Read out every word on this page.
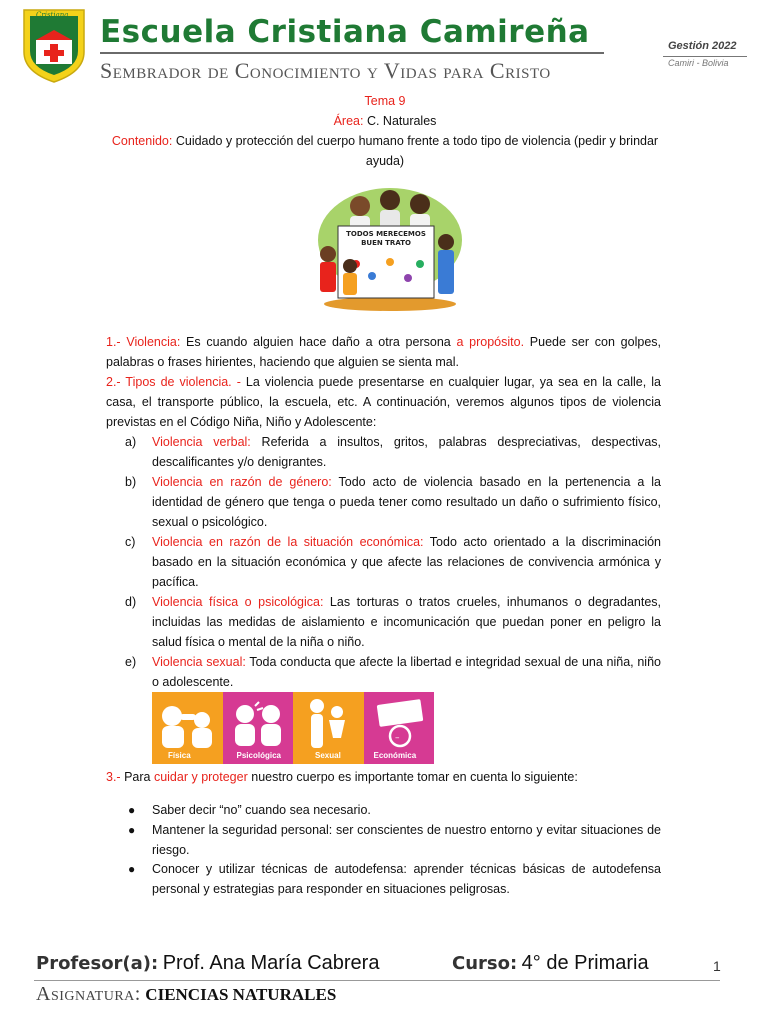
Cristiana Escuela Cristiana Camireña
Sembrador de Conocimiento y Vidas para Cristo
Gestión 2022
Camiri - Bolivia
Tema 9
Área: C. Naturales
Contenido: Cuidado y protección del cuerpo humano frente a todo tipo de violencia (pedir y brindar ayuda)
TODOS MERECEMOS BUEN TRATO
1.- Violencia: Es cuando alguien hace daño a otra persona a propósito. Puede ser con golpes, palabras o frases hirientes, haciendo que alguien se sienta mal.
2.- Tipos de violencia. - La violencia puede presentarse en cualquier lugar, ya sea en la calle, la casa, el transporte público, la escuela, etc. A continuación, veremos algunos tipos de violencia previstas en el Código Niña, Niño y Adolescente:
a)	Violencia verbal: Referida a insultos, gritos, palabras despreciativas, despectivas, descalificantes y/o denigrantes.
b)	Violencia en razón de género: Todo acto de violencia basado en la pertenencia a la identidad de género que tenga o pueda tener como resultado un daño o sufrimiento físico, sexual o psicológico.
c)	Violencia en razón de la situación económica: Todo acto orientado a la discriminación basado en la situación económica y que afecte las relaciones de convivencia armónica y pacífica.
d)	Violencia física o psicológica: Las torturas o tratos crueles, inhumanos o degradantes, incluidas las medidas de aislamiento e incomunicación que puedan poner en peligro la salud física o mental de la niña o niño.
e)	Violencia sexual: Toda conducta que afecte la libertad e integridad sexual de una niña, niño o adolescente.
Física	Psicológica	Sexual
–
Económica
3.- Para cuidar y proteger nuestro cuerpo es importante tomar en cuenta lo siguiente:
●	Saber decir “no” cuando sea necesario.
●	Mantener la seguridad personal: ser conscientes de nuestro entorno y evitar situaciones de riesgo.
●	Conocer y utilizar técnicas de autodefensa: aprender técnicas básicas de autodefensa personal y estrategias para responder en situaciones peligrosas.
Profesor(a): Prof. Ana María Cabrera	Curso: 4° de Primaria	1
Asignatura: CIENCIAS NATURALES
